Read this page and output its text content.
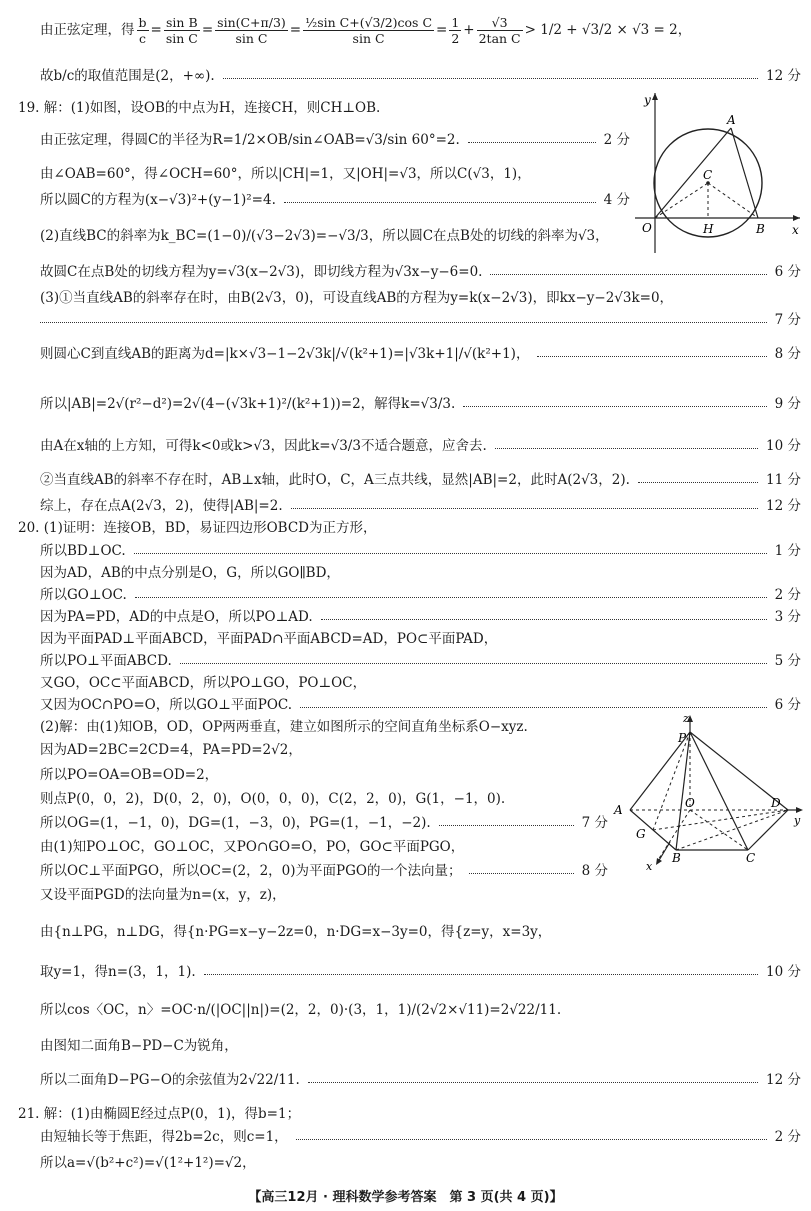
由正弦定理，得 $\frac{b}{c} = \frac{\text{sin B}}{\text{sin C}} = \frac{\sin(C+\pi/3)}{\text{sin C}} = \frac{\text{½sin C+(√3/2)cos C}}{\text{sin C}} = \frac{1}{2} + \frac{√3}{\text{2tan C}} > 1/2 + √3/2 \times √3 = 2$，
故b/c的取值范围是(2，+∞).	12 分
19. 解：(1)如图，设OB的中点为H，连接CH，则CH⊥OB.
由正弦定理，得圆C的半径为R=1/2×OB/sin∠OAB=√3/sin 60°=2.	2 分
由∠OAB=60°，得∠OCH=60°，所以|CH|=1，又|OH|=√3，所以C(√3，1)，
所以圆C的方程为(x−√3)²+(y−1)²=4.	4 分
(2)直线BC的斜率为k_BC=(1−0)/(√3−2√3)=−√3/3，所以圆C在点B处的切线的斜率为√3，
故圆C在点B处的切线方程为y=√3(x−2√3)，即切线方程为√3x−y−6=0.	6 分
(3)①当直线AB的斜率存在时，由B(2√3，0)，可设直线AB的方程为y=k(x−2√3)，即kx−y−2√3k=0，
7 分
则圆心C到直线AB的距离为d=|k×√3−1−2√3k|/√(k²+1)=|√3k+1|/√(k²+1)，	8 分
所以|AB|=2√(r²−d²)=2√(4−(√3k+1)²/(k²+1))=2，解得k=√3/3.	9 分
由A在x轴的上方知，可得k<0或k>√3，因此k=√3/3不适合题意，应舍去.	10 分
②当直线AB的斜率不存在时，AB⊥x轴，此时O，C，A三点共线，显然|AB|=2，此时A(2√3，2).	11 分
综上，存在点A(2√3，2)，使得|AB|=2.	12 分
20. (1)证明：连接OB，BD，易证四边形OBCD为正方形，
所以BD⊥OC.	1 分
因为AD，AB的中点分别是O，G，所以GO∥BD，
所以GO⊥OC.	2 分
因为PA=PD，AD的中点是O，所以PO⊥AD.	3 分
因为平面PAD⊥平面ABCD，平面PAD∩平面ABCD=AD，PO⊂平面PAD，
所以PO⊥平面ABCD.	5 分
又GO，OC⊂平面ABCD，所以PO⊥GO，PO⊥OC，
又因为OC∩PO=O，所以GO⊥平面POC.	6 分
(2)解：由(1)知OB，OD，OP两两垂直，建立如图所示的空间直角坐标系O−xyz.
因为AD=2BC=2CD=4，PA=PD=2√2，
所以PO=OA=OB=OD=2，
则点P(0，0，2)，D(0，2，0)，O(0，0，0)，C(2，2，0)，G(1，−1，0).
所以OG=(1，−1，0)，DG=(1，−3，0)，PG=(1，−1，−2).	7 分
由(1)知PO⊥OC，GO⊥OC，又PO∩GO=O，PO，GO⊂平面PGO，
所以OC⊥平面PGO，所以OC=(2，2，0)为平面PGO的一个法向量；	8 分
又设平面PGD的法向量为n=(x，y，z)，
由{n⊥PG，n⊥DG，得{n·PG=x−y−2z=0，n·DG=x−3y=0，得{z=y，x=3y，
取y=1，得n=(3，1，1).	10 分
所以cos〈OC，n〉=OC·n/(|OC||n|)=(2，2，0)·(3，1，1)/(2√2×√11)=2√22/11.
由图知二面角B−PD−C为锐角，
所以二面角D−PG−O的余弦值为2√22/11.	12 分
21. 解：(1)由椭圆E经过点P(0，1)，得b=1；
由短轴长等于焦距，得2b=2c，则c=1，	2 分
所以a=√(b²+c²)=√(1²+1²)=√2，
y
x
O
A
B
C
H
z
P
A	O	D
y
G
B	C
x
【高三12月 · 理科数学参考答案　第 3 页(共 4 页)】
